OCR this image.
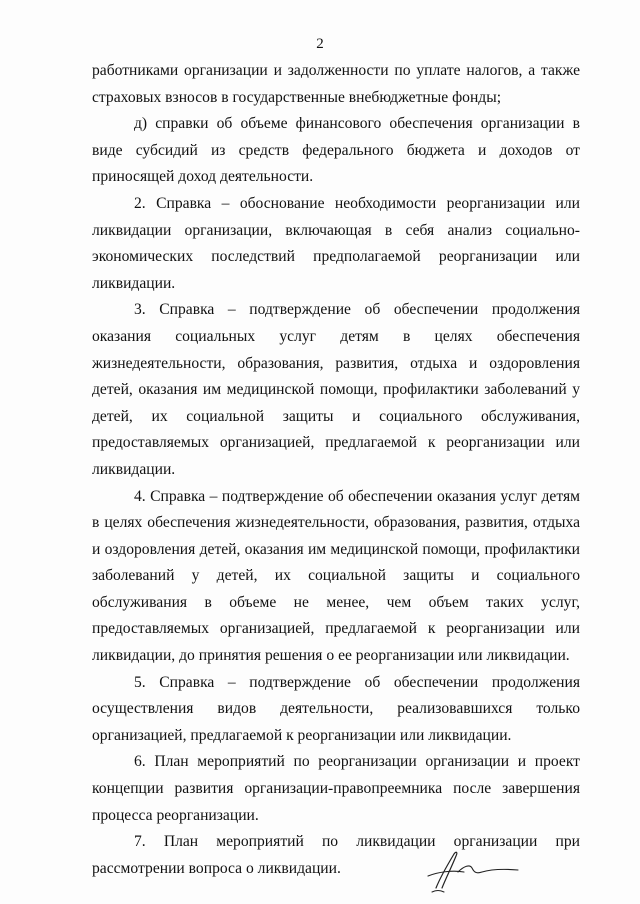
2

работниками организации и задолженности по уплате налогов, а также страховых взносов в государственные внебюджетные фонды;

д) справки об объеме финансового обеспечения организации в виде субсидий из средств федерального бюджета и доходов от приносящей доход деятельности.

2. Справка – обоснование необходимости реорганизации или ликвидации организации, включающая в себя анализ социально-экономических последствий предполагаемой реорганизации или ликвидации.

3. Справка – подтверждение об обеспечении продолжения оказания социальных услуг детям в целях обеспечения жизнедеятельности, образования, развития, отдыха и оздоровления детей, оказания им медицинской помощи, профилактики заболеваний у детей, их социальной защиты и социального обслуживания, предоставляемых организацией, предлагаемой к реорганизации или ликвидации.

4. Справка – подтверждение об обеспечении оказания услуг детям в целях обеспечения жизнедеятельности, образования, развития, отдыха и оздоровления детей, оказания им медицинской помощи, профилактики заболеваний у детей, их социальной защиты и социального обслуживания в объеме не менее, чем объем таких услуг, предоставляемых организацией, предлагаемой к реорганизации или ликвидации, до принятия решения о ее реорганизации или ликвидации.

5. Справка – подтверждение об обеспечении продолжения осуществления видов деятельности, реализовавшихся только организацией, предлагаемой к реорганизации или ликвидации.

6. План мероприятий по реорганизации организации и проект концепции развития организации-правопреемника после завершения процесса реорганизации.

7. План мероприятий по ликвидации организации при рассмотрении вопроса о ликвидации.
